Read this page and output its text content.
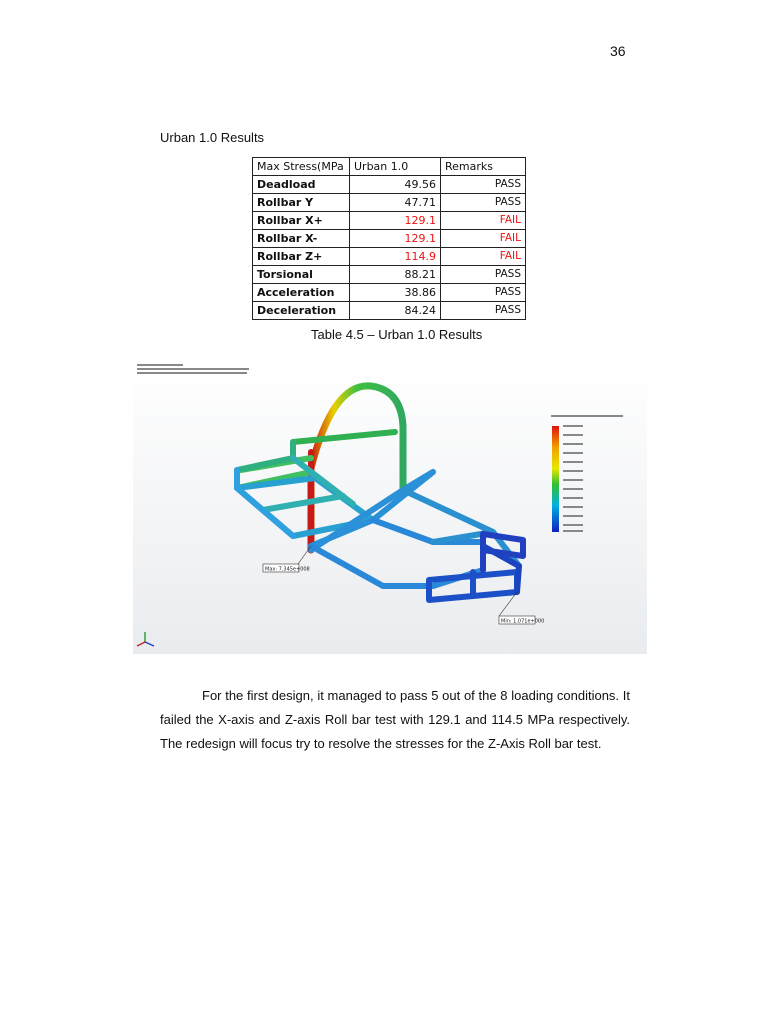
36
Urban 1.0 Results
Max Stress(MPa	Urban 1.0	Remarks
Deadload	49.56	PASS
Rollbar Y	47.71	PASS
Rollbar X+	129.1	FAIL
Rollbar X-	129.1	FAIL
Rollbar Z+	114.9	FAIL
Torsional	88.21	PASS
Acceleration	38.86	PASS
Deceleration	84.24	PASS
Table 4.5 – Urban 1.0 Results
Max: 7.345e+008
Min: 1.071e+000
For the first design, it managed to pass 5 out of the 8 loading conditions. It failed the X-axis and Z-axis Roll bar test with 129.1 and 114.5 MPa respectively. The redesign will focus try to resolve the stresses for the Z-Axis Roll bar test.
